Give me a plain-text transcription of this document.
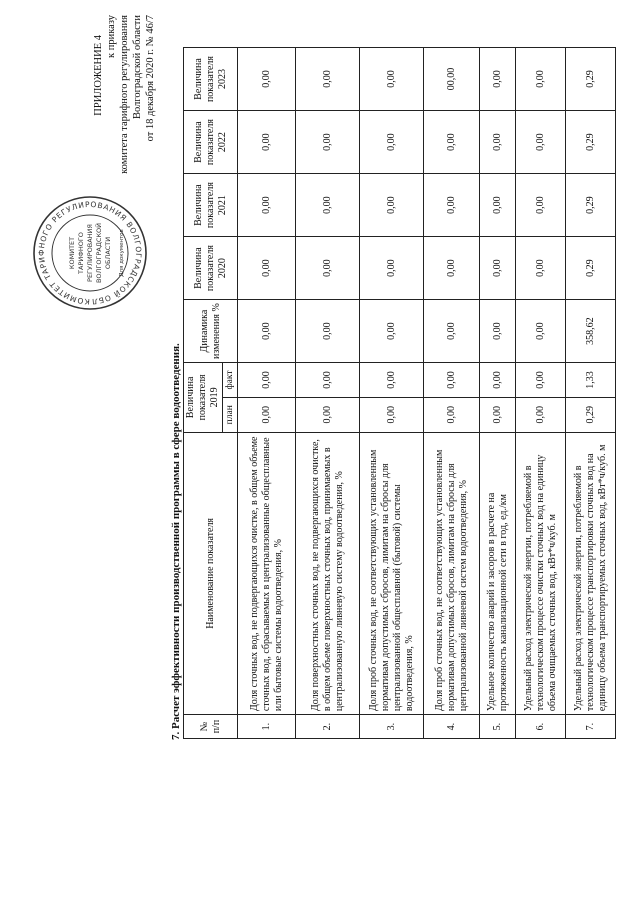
КОМИТЕТ ТАРИФНОГО РЕГУЛИРОВАНИЯ ВОЛГОГРАДСКОЙ ОБЛ
КОМИТЕТ ТАРИФНОГО РЕГУЛИРОВАНИЯ ВОЛГОГРАДСКОЙ ОБЛАСТИ Для документов
ПРИЛОЖЕНИЕ 4 к приказу комитета тарифного регулирования Волгоградской области от 18 декабря 2020 г. № 46/7
7. Расчет эффективности производственной программы в сфере водоотведения. № п/п	Наименование показателя	Величина показателя 2019		Динамика изменения %	Величина показателя 2020	Величина показателя 2021	Величина показателя 2022	Величина показателя 2023
		план	факт					
1.	Доля сточных вод, не подвергающихся очистке, в общем объеме сточных вод, сбрасываемых в централизованные общесплавные или бытовые системы водоотведения, %	0,00	0,00	0,00	0,00	0,00	0,00	0,00
2.	Доля поверхностных сточных вод, не подвергающихся очистке, в общем объеме поверхностных сточных вод, принимаемых в централизованную ливневую систему водоотведения, %	0,00	0,00	0,00	0,00	0,00	0,00	0,00
3.	Доля проб сточных вод, не соответствующих установленным нормативам допустимых сбросов, лимитам на сбросы для централизованной общесплавной (бытовой) системы водоотведения, %	0,00	0,00	0,00	0,00	0,00	0,00	0,00
4.	Доля проб сточных вод, не соответствующих установленным нормативам допустимых сбросов, лимитам на сбросы для централизованной ливневой систем водоотведения, %	0,00	0,00	0,00	0,00	0,00	0,00	00,00
5.	Удельное количество аварий и засоров в расчете на протяженность канализационной сети в год, ед./км	0,00	0,00	0,00	0,00	0,00	0,00	0,00
6.	Удельный расход электрической энергии, потребляемой в технологическом процессе очистки сточных вод на единицу объема очищаемых сточных вод, кВт*ч/куб. м	0,00	0,00	0,00	0,00	0,00	0,00	0,00
7.	Удельный расход электрической энергии, потребляемой в технологическом процессе транспортировки сточных вод на единицу объема транспортируемых сточных вод, кВт*ч/куб. м	0,29	1,33	358,62	0,29	0,29	0,29	0,29
